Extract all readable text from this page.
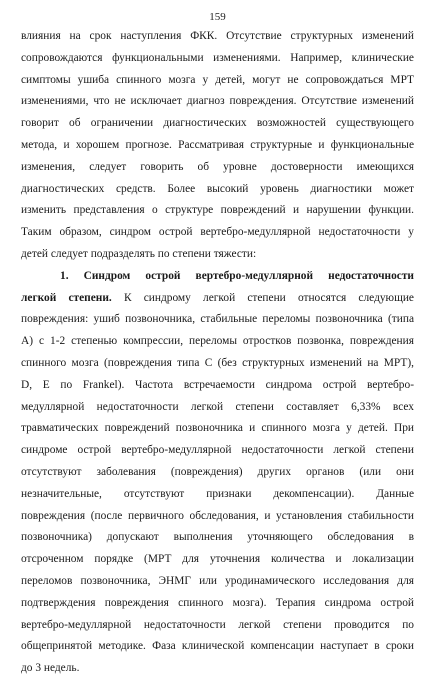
159
влияния на срок наступления ФКК. Отсутствие структурных изменений
сопровождаются функциональными изменениями. Например, клинические
симптомы ушиба спинного мозга у детей, могут не сопровождаться МРТ
изменениями, что не исключает диагноз повреждения. Отсутствие изменений
говорит об ограничении диагностических возможностей существующего
метода, и хорошем прогнозе. Рассматривая структурные и функциональные
изменения, следует говорить об уровне достоверности имеющихся
диагностических средств. Более высокий уровень диагностики может
изменить представления о структуре повреждений и нарушении функции.
Таким образом, синдром острой вертебро-медуллярной недостаточности у
детей следует подразделять по степени тяжести:
1. Синдром острой вертебро-медуллярной недостаточности
легкой степени. К синдрому легкой степени относятся следующие
повреждения: ушиб позвоночника, стабильные переломы позвоночника (типа
А) с 1-2 степенью компрессии, переломы отростков позвонка, повреждения
спинного мозга (повреждения типа С (без структурных изменений на МРТ),
D, Е по Frankel). Частота встречаемости синдрома острой вертебро-
медуллярной недостаточности легкой степени составляет 6,33% всех
травматических повреждений позвоночника и спинного мозга у детей. При
синдроме острой вертебро-медуллярной недостаточности легкой степени
отсутствуют заболевания (повреждения) других органов (или они
незначительные, отсутствуют признаки декомпенсации). Данные
повреждения (после первичного обследования, и установления стабильности
позвоночника) допускают выполнения уточняющего обследования в
отсроченном порядке (МРТ для уточнения количества и локализации
переломов позвоночника, ЭНМГ или уродинамического исследования для
подтверждения повреждения спинного мозга). Терапия синдрома острой
вертебро-медуллярной недостаточности легкой степени проводится по
общепринятой методике. Фаза клинической компенсации наступает в сроки
до 3 недель.
